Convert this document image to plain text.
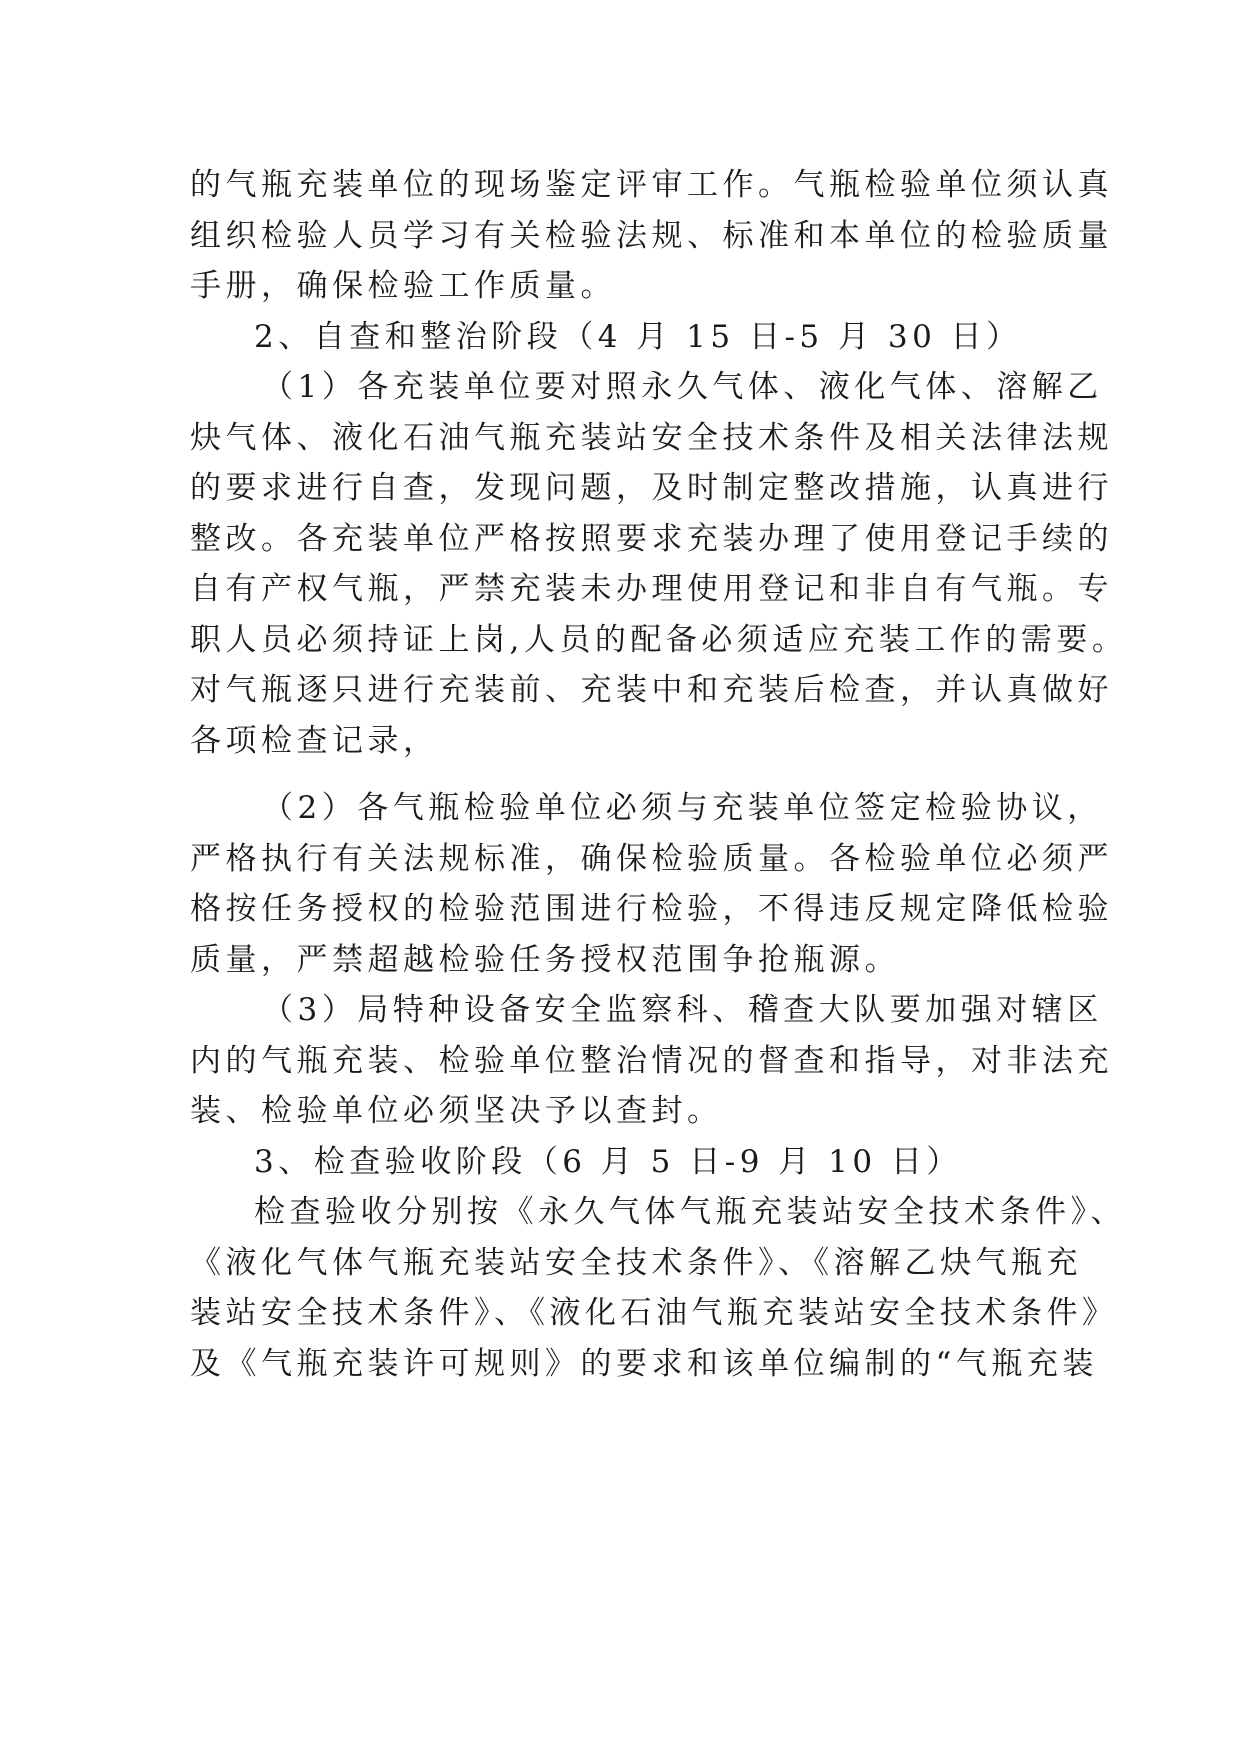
的气瓶充装单位的现场鉴定评审工作。气瓶检验单位须认真
组织检验人员学习有关检验法规、标准和本单位的检验质量
手册，确保检验工作质量。
2、自查和整治阶段（4 月 15 日-5 月 30 日）
（1）各充装单位要对照永久气体、液化气体、溶解乙
炔气体、液化石油气瓶充装站安全技术条件及相关法律法规
的要求进行自查，发现问题，及时制定整改措施，认真进行
整改。各充装单位严格按照要求充装办理了使用登记手续的
自有产权气瓶，严禁充装未办理使用登记和非自有气瓶。专
职人员必须持证上岗,人员的配备必须适应充装工作的需要。
对气瓶逐只进行充装前、充装中和充装后检查，并认真做好
各项检查记录，
（2）各气瓶检验单位必须与充装单位签定检验协议，
严格执行有关法规标准，确保检验质量。各检验单位必须严
格按任务授权的检验范围进行检验，不得违反规定降低检验
质量，严禁超越检验任务授权范围争抢瓶源。
（3）局特种设备安全监察科、稽查大队要加强对辖区
内的气瓶充装、检验单位整治情况的督查和指导，对非法充
装、检验单位必须坚决予以查封。
3、检查验收阶段（6 月 5 日-9 月 10 日）
检查验收分别按《永久气体气瓶充装站安全技术条件》、
《液化气体气瓶充装站安全技术条件》、《溶解乙炔气瓶充
装站安全技术条件》、《液化石油气瓶充装站安全技术条件》
及《气瓶充装许可规则》的要求和该单位编制的“气瓶充装
